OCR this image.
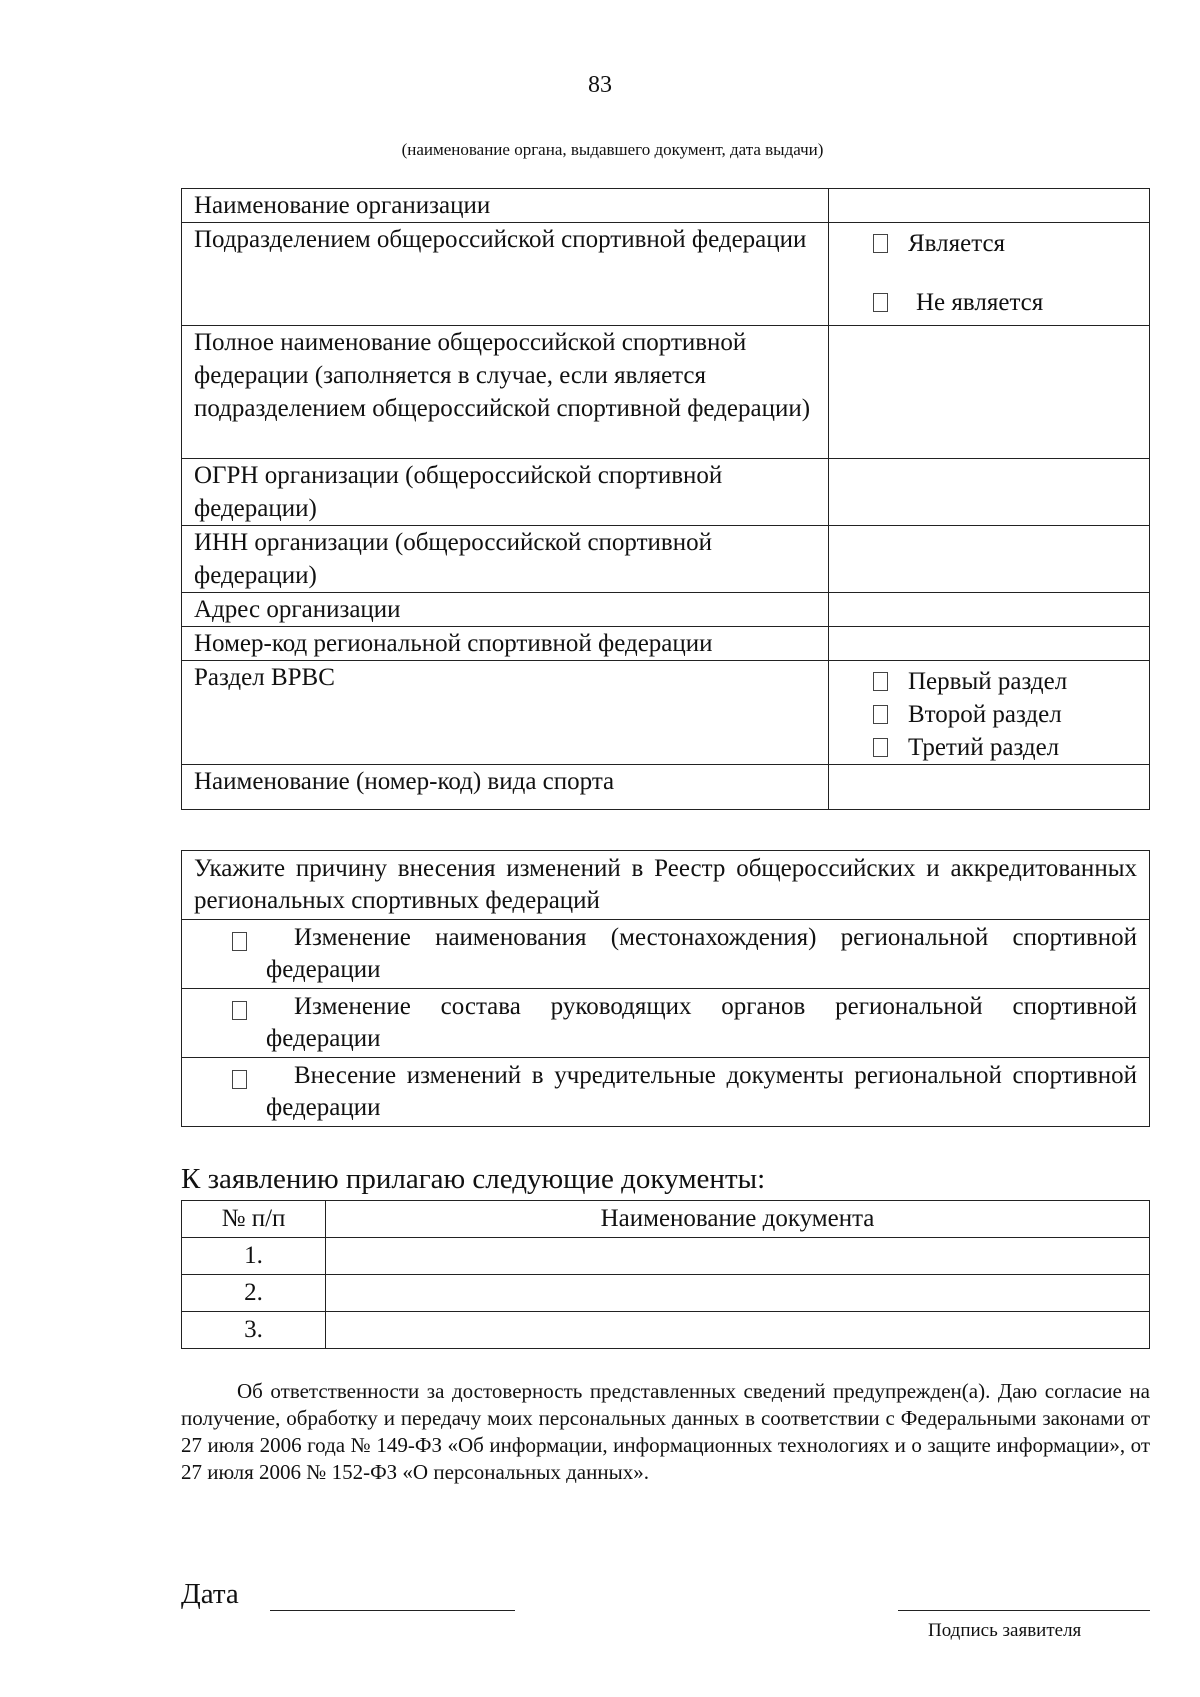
83
(наименование органа, выдавшего документ, дата выдачи)
Наименование организации	
Подразделением общероссийской спортивной федерации	Является
Не является

Полное наименование общероссийской спортивной федерации (заполняется в случае, если является подразделением общероссийской спортивной федерации)	
ОГРН организации (общероссийской спортивной федерации)	
ИНН организации (общероссийской спортивной федерации)	
Адрес организации	
Номер-код региональной спортивной федерации	
Раздел ВРВС	Первый раздел
Второй раздел
Третий раздел

Наименование (номер-код) вида спорта	
Укажите причину внесения изменений в Реестр общероссийских и аккредитованных региональных спортивных федераций

Изменение наименования (местонахождения) региональной спортивной федерации

Изменение состава руководящих органов региональной спортивной федерации

Внесение изменений в учредительные документы региональной спортивной федерации
К заявлению прилагаю следующие документы:
№ п/п	Наименование документа
1.	
2.	
3.	

Об ответственности за достоверность представленных сведений предупрежден(а). Даю согласие на получение, обработку и передачу моих персональных данных в соответствии с Федеральными законами от 27 июля 2006 года № 149-ФЗ «Об информации, информационных технологиях и о защите информации», от 27 июля 2006 № 152-ФЗ «О персональных данных».

Дата
Подпись заявителя
